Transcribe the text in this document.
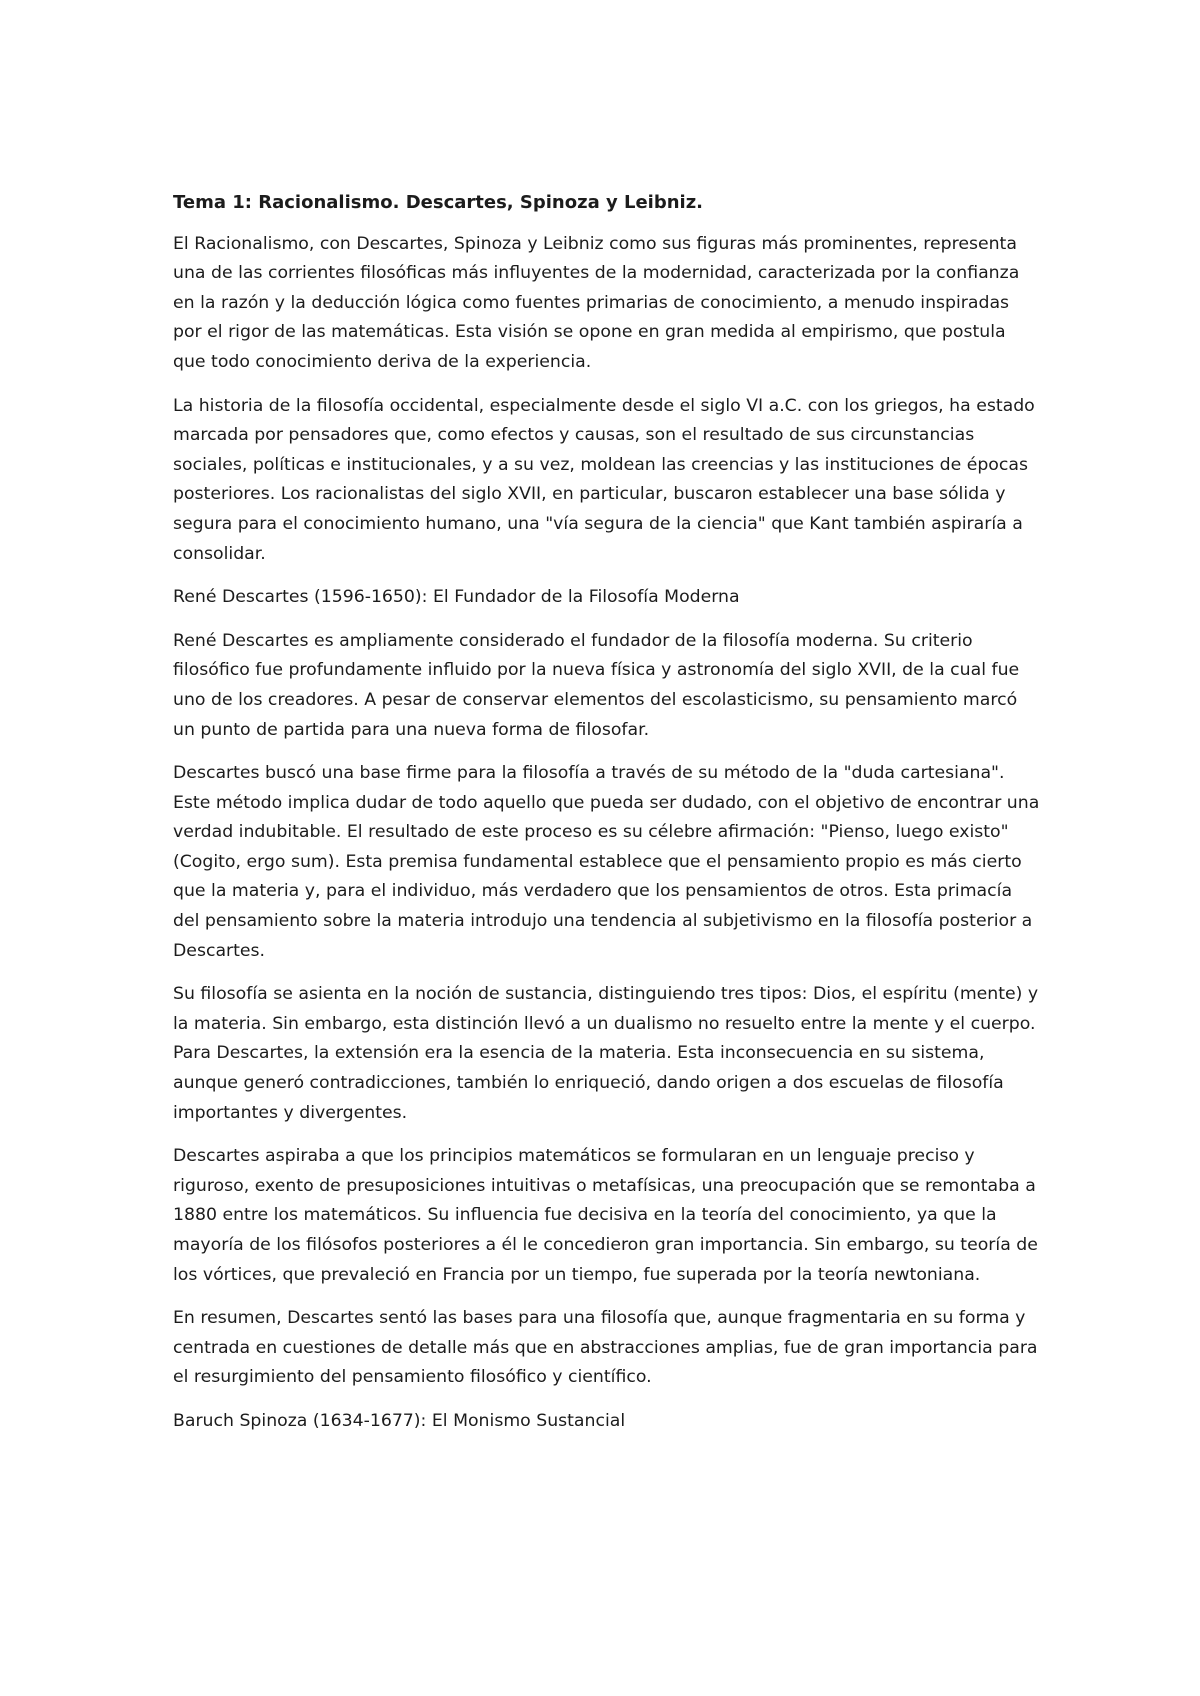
Tema 1: Racionalismo. Descartes, Spinoza y Leibniz.

El Racionalismo, con Descartes, Spinoza y Leibniz como sus figuras más prominentes, representa una de las corrientes filosóficas más influyentes de la modernidad, caracterizada por la confianza en la razón y la deducción lógica como fuentes primarias de conocimiento, a menudo inspiradas por el rigor de las matemáticas. Esta visión se opone en gran medida al empirismo, que postula que todo conocimiento deriva de la experiencia.

La historia de la filosofía occidental, especialmente desde el siglo VI a.C. con los griegos, ha estado marcada por pensadores que, como efectos y causas, son el resultado de sus circunstancias sociales, políticas e institucionales, y a su vez, moldean las creencias y las instituciones de épocas posteriores. Los racionalistas del siglo XVII, en particular, buscaron establecer una base sólida y segura para el conocimiento humano, una "vía segura de la ciencia" que Kant también aspiraría a consolidar.

René Descartes (1596-1650): El Fundador de la Filosofía Moderna

René Descartes es ampliamente considerado el fundador de la filosofía moderna. Su criterio filosófico fue profundamente influido por la nueva física y astronomía del siglo XVII, de la cual fue uno de los creadores. A pesar de conservar elementos del escolasticismo, su pensamiento marcó un punto de partida para una nueva forma de filosofar.

Descartes buscó una base firme para la filosofía a través de su método de la "duda cartesiana". Este método implica dudar de todo aquello que pueda ser dudado, con el objetivo de encontrar una verdad indubitable. El resultado de este proceso es su célebre afirmación: "Pienso, luego existo" (Cogito, ergo sum). Esta premisa fundamental establece que el pensamiento propio es más cierto que la materia y, para el individuo, más verdadero que los pensamientos de otros. Esta primacía del pensamiento sobre la materia introdujo una tendencia al subjetivismo en la filosofía posterior a Descartes.

Su filosofía se asienta en la noción de sustancia, distinguiendo tres tipos: Dios, el espíritu (mente) y la materia. Sin embargo, esta distinción llevó a un dualismo no resuelto entre la mente y el cuerpo. Para Descartes, la extensión era la esencia de la materia. Esta inconsecuencia en su sistema, aunque generó contradicciones, también lo enriqueció, dando origen a dos escuelas de filosofía importantes y divergentes.

Descartes aspiraba a que los principios matemáticos se formularan en un lenguaje preciso y riguroso, exento de presuposiciones intuitivas o metafísicas, una preocupación que se remontaba a 1880 entre los matemáticos. Su influencia fue decisiva en la teoría del conocimiento, ya que la mayoría de los filósofos posteriores a él le concedieron gran importancia. Sin embargo, su teoría de los vórtices, que prevaleció en Francia por un tiempo, fue superada por la teoría newtoniana.

En resumen, Descartes sentó las bases para una filosofía que, aunque fragmentaria en su forma y centrada en cuestiones de detalle más que en abstracciones amplias, fue de gran importancia para el resurgimiento del pensamiento filosófico y científico.

Baruch Spinoza (1634-1677): El Monismo Sustancial
